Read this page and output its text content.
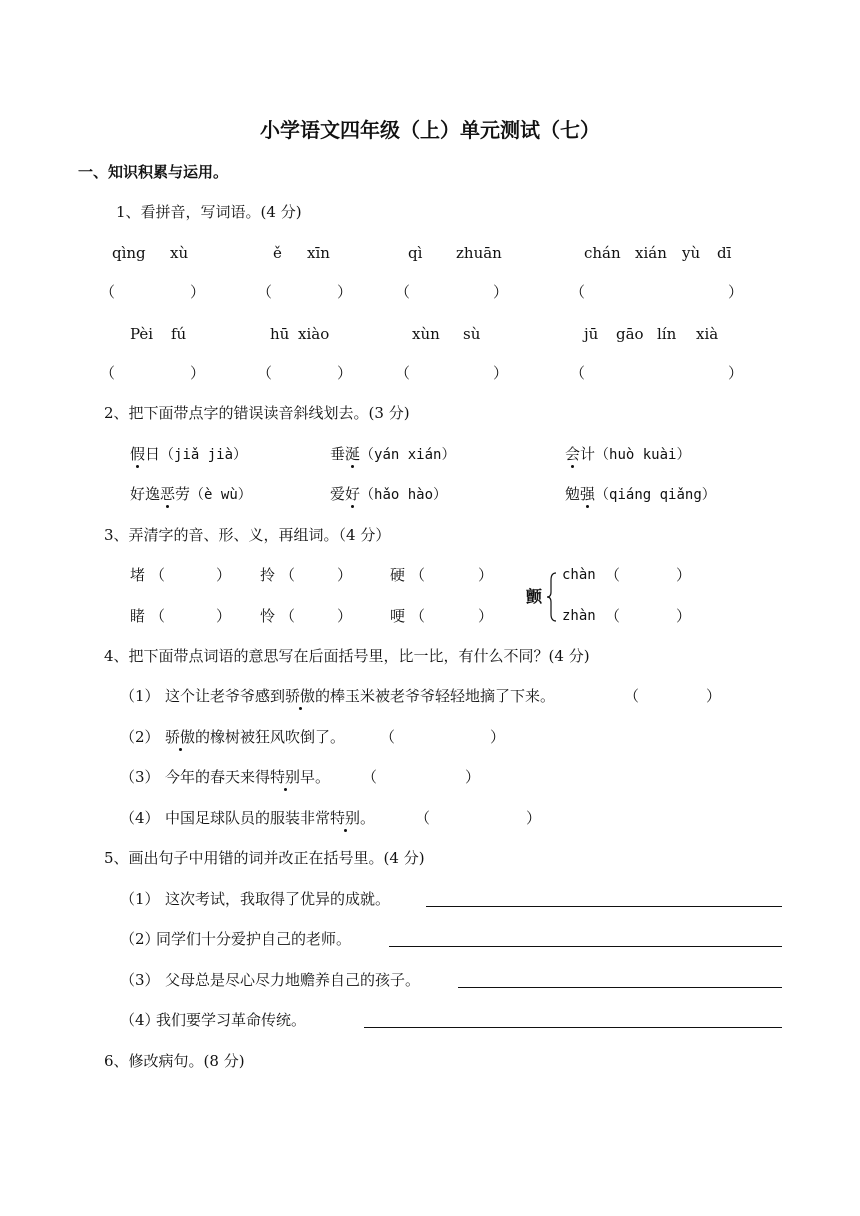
小学语文四年级（上）单元测试（七）
一、知识积累与运用。
1、看拼音，写词语。(4 分)
qìng xù	ě xīn	qì zhuān	chán xián yù dī
（	）	（	）	（	）	（	）
Pèi fú	hū xiào	xùn sù	jū gāo lín xià
（	）	（	）	（	）	（	）
2、把下面带点字的错误读音斜线划去。(3 分)
假日（jiǎ jià）	垂涎（yán xián）	会计（huò kuài）
好逸恶劳（è wù）	爱好（hǎo hào）	勉强（qiáng qiǎng）
3、弄清字的音、形、义，再组词。（4 分）
堵 （	） 拎 （	）	硬 （	）
睹 （	） 怜 （	）	哽 （	）
颤
chàn （	）
zhàn （	）
4、把下面带点词语的意思写在后面括号里，比一比，有什么不同？(4 分)
（1） 这个让老爷爷感到骄傲的棒玉米被老爷爷轻轻地摘了下来。	（	）
（2） 骄傲的橡树被狂风吹倒了。 （	）
（3） 今年的春天来得特别早。 （	）
（4） 中国足球队员的服装非常特别。	（	）
5、画出句子中用错的词并改正在括号里。(4 分)
（1） 这次考试，我取得了优异的成就。
（2）
同学们十分爱护自己的老师。
（3） 父母总是尽心尽力地赡养自己的孩子。
（4）
我们要学习革命传统。
6、修改病句。(8 分)
